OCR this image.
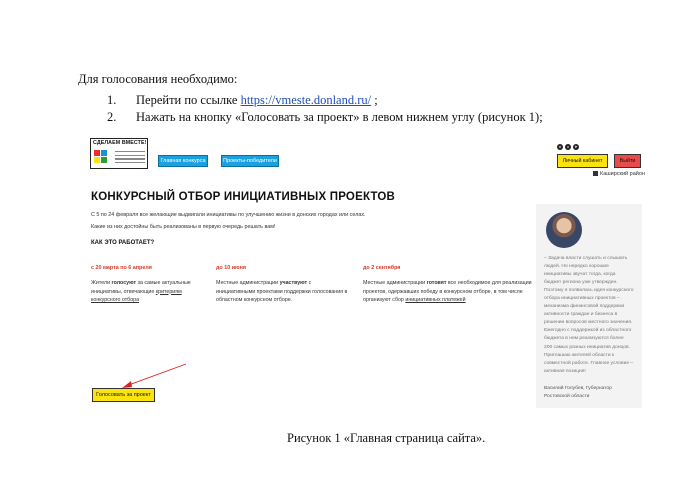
Для голосования необходимо:
1. Перейти по ссылке https://vmeste.donland.ru/ ;
2. Нажать на кнопку «Голосовать за проект» в левом нижнем углу (рисунок 1);
СДЕЛАЕМ ВМЕСТЕ!
Главная конкурса	Проекты-победители
в	о	➤
Личный кабинет	Выйти
Каширский район
КОНКУРСНЫЙ ОТБОР ИНИЦИАТИВНЫХ ПРОЕКТОВ
С 5 по 24 февраля все желающие выдвигали инициативы по улучшению жизни в донских городах или селах.
Какие из них достойны быть реализованы в первую очередь решать вам!
КАК ЭТО РАБОТАЕТ?
с 20 марта по 6 апреля
Жители голосуют за самые актуальные
инициативы, отвечающие критериям
конкурсного отбора
до 10 июня
Местные администрации участвуют с
инициативными проектами поддержки голосования в
областном конкурсном отборе.
до 2 сентября
Местные администрации готовят все необходимое для реализации
проектов, одержавших победу в конкурсном отборе, в том числе
организуют сбор инициативных платежей
– Задача власти слушать и слышать
людей. Но нередко хорошие
инициативы звучат тогда, когда
бюджет региона уже утвержден.
Поэтому я появилась идея конкурсного
отбора инициативных проектов –
механизма финансовой поддержки
активности граждан и бизнеса в
решении вопросов местного значения.
Ежегодно с поддержкой из областного
бюджета в нем реализуются более
200 самых разных инициатив донцов.
Приглашаю жителей области к
совместной работе. Главное условие –
активная позиция!
Василий Голубев, Губернатор
Ростовской области
Голосовать за проект
Рисунок 1 «Главная страница сайта».
